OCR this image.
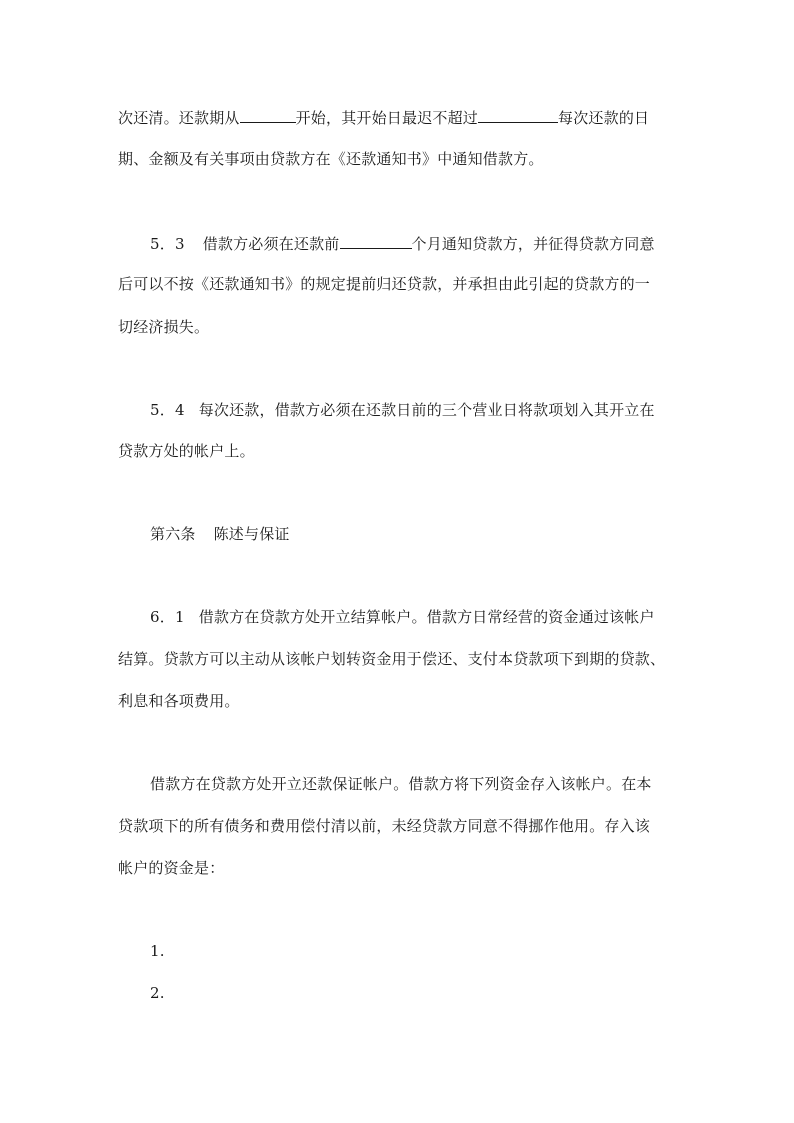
次还清。还款期从	开始，其开始日最迟不超过	每次还款的日
期、金额及有关事项由贷款方在《还款通知书》中通知借款方。
5．3 借款方必须在还款前	个月通知贷款方，并征得贷款方同意
后可以不按《还款通知书》的规定提前归还贷款，并承担由此引起的贷款方的一
切经济损失。
5．4 每次还款，借款方必须在还款日前的三个营业日将款项划入其开立在
贷款方处的帐户上。
第六条 陈述与保证
6．1 借款方在贷款方处开立结算帐户。借款方日常经营的资金通过该帐户
结算。贷款方可以主动从该帐户划转资金用于偿还、支付本贷款项下到期的贷款、
利息和各项费用。
借款方在贷款方处开立还款保证帐户。借款方将下列资金存入该帐户。在本
贷款项下的所有债务和费用偿付清以前，未经贷款方同意不得挪作他用。存入该
帐户的资金是：
1.
2.
